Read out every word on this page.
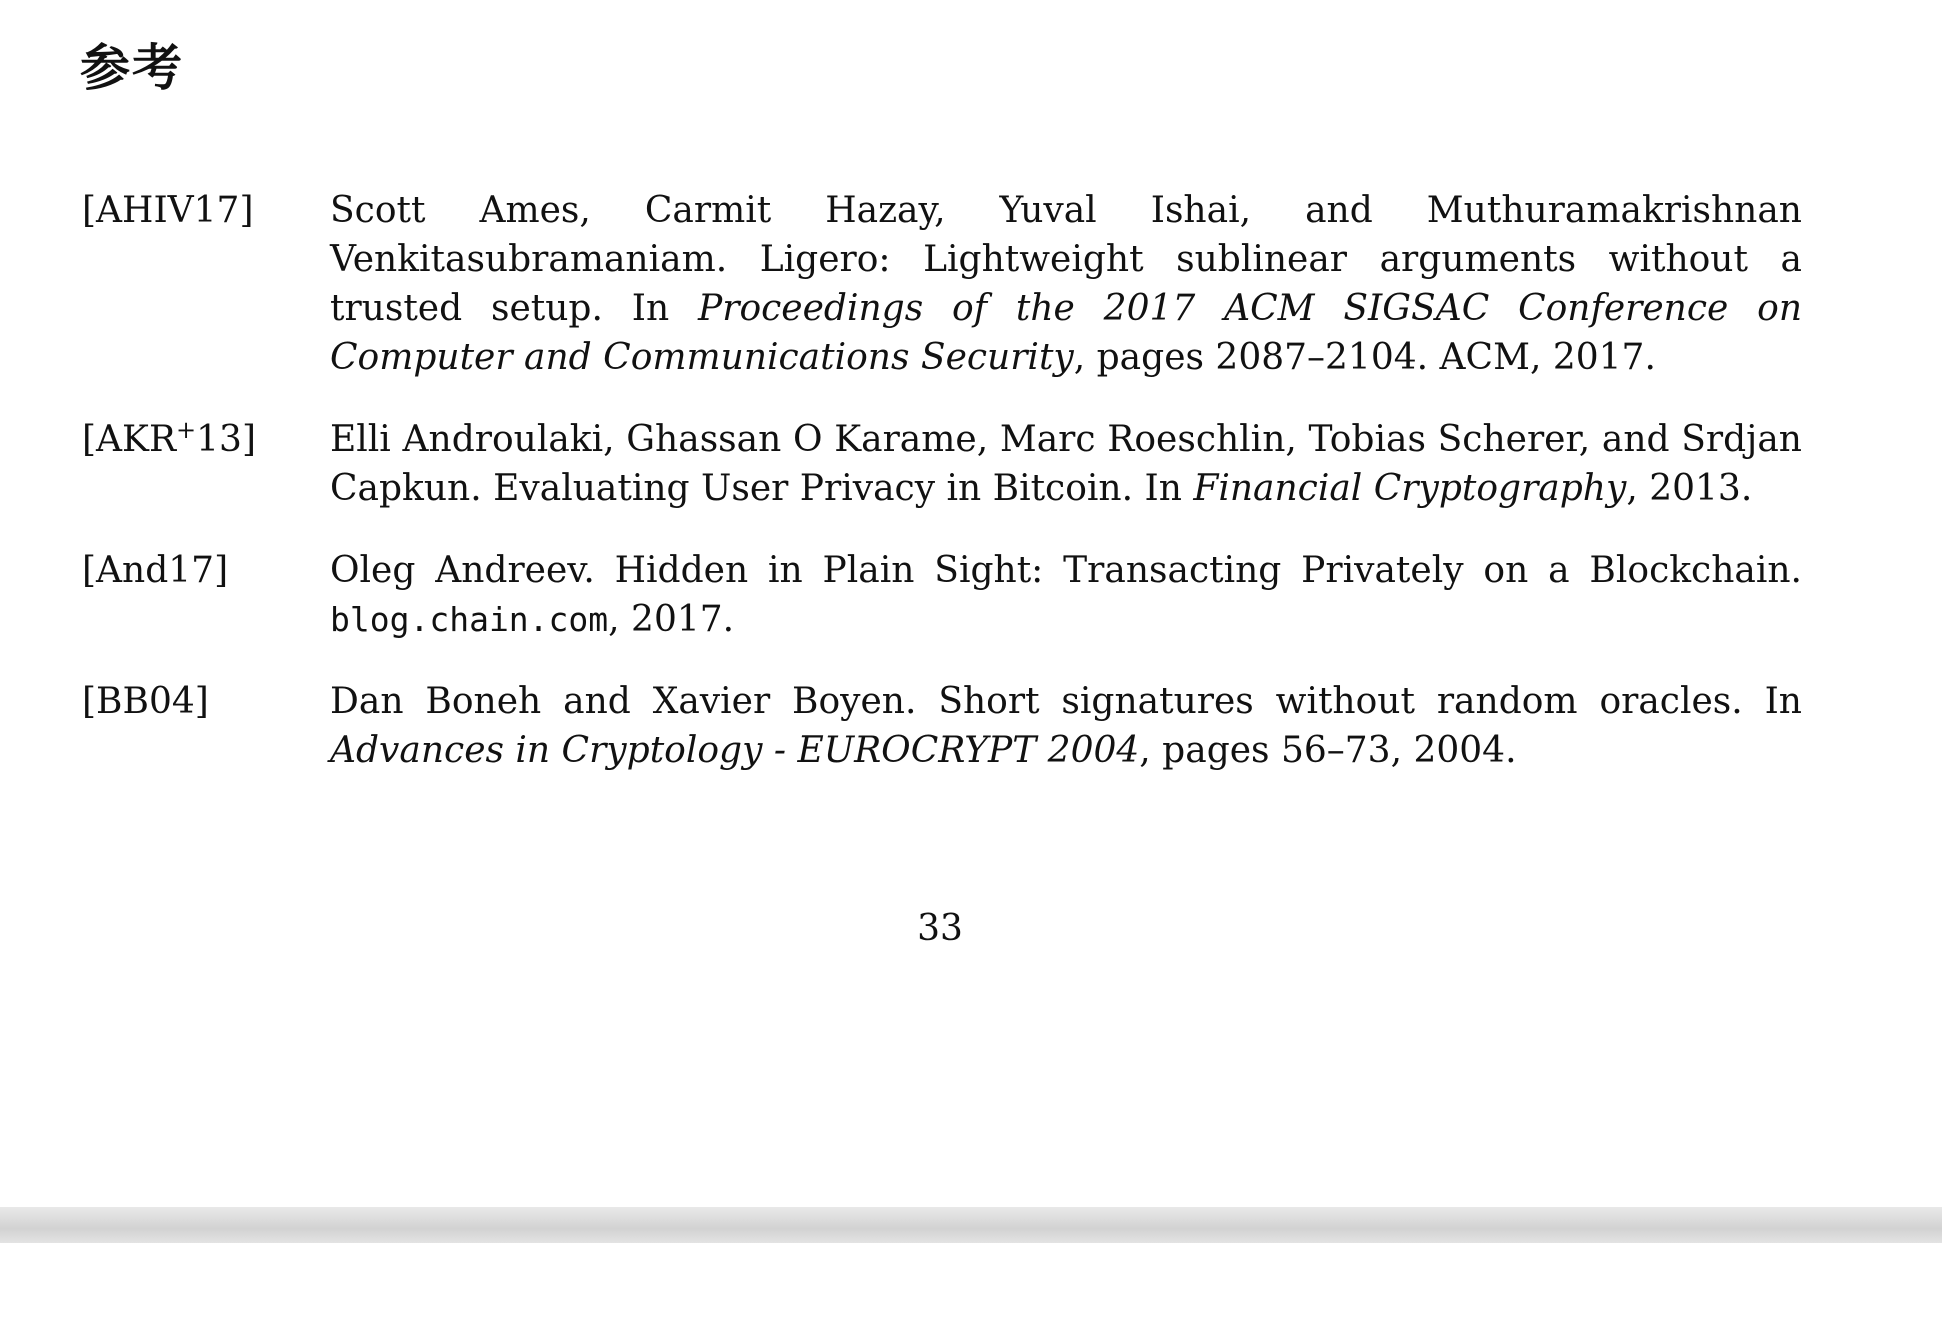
参考
[AHIV17]	Scott Ames, Carmit Hazay, Yuval Ishai, and Muthuramakrishnan Venkitasubramaniam. Ligero: Lightweight sublinear arguments without a trusted setup. In Proceedings of the 2017 ACM SIGSAC Conference on Computer and Communications Security, pages 2087–2104. ACM, 2017.
[AKR+13]	Elli Androulaki, Ghassan O Karame, Marc Roeschlin, Tobias Scherer, and Srdjan Capkun. Evaluating User Privacy in Bitcoin. In Financial Cryptography, 2013.
[And17]	Oleg Andreev. Hidden in Plain Sight: Transacting Privately on a Blockchain. blog.chain.com, 2017.
[BB04]	Dan Boneh and Xavier Boyen. Short signatures without random oracles. In Advances in Cryptology - EUROCRYPT 2004, pages 56–73, 2004.
33
